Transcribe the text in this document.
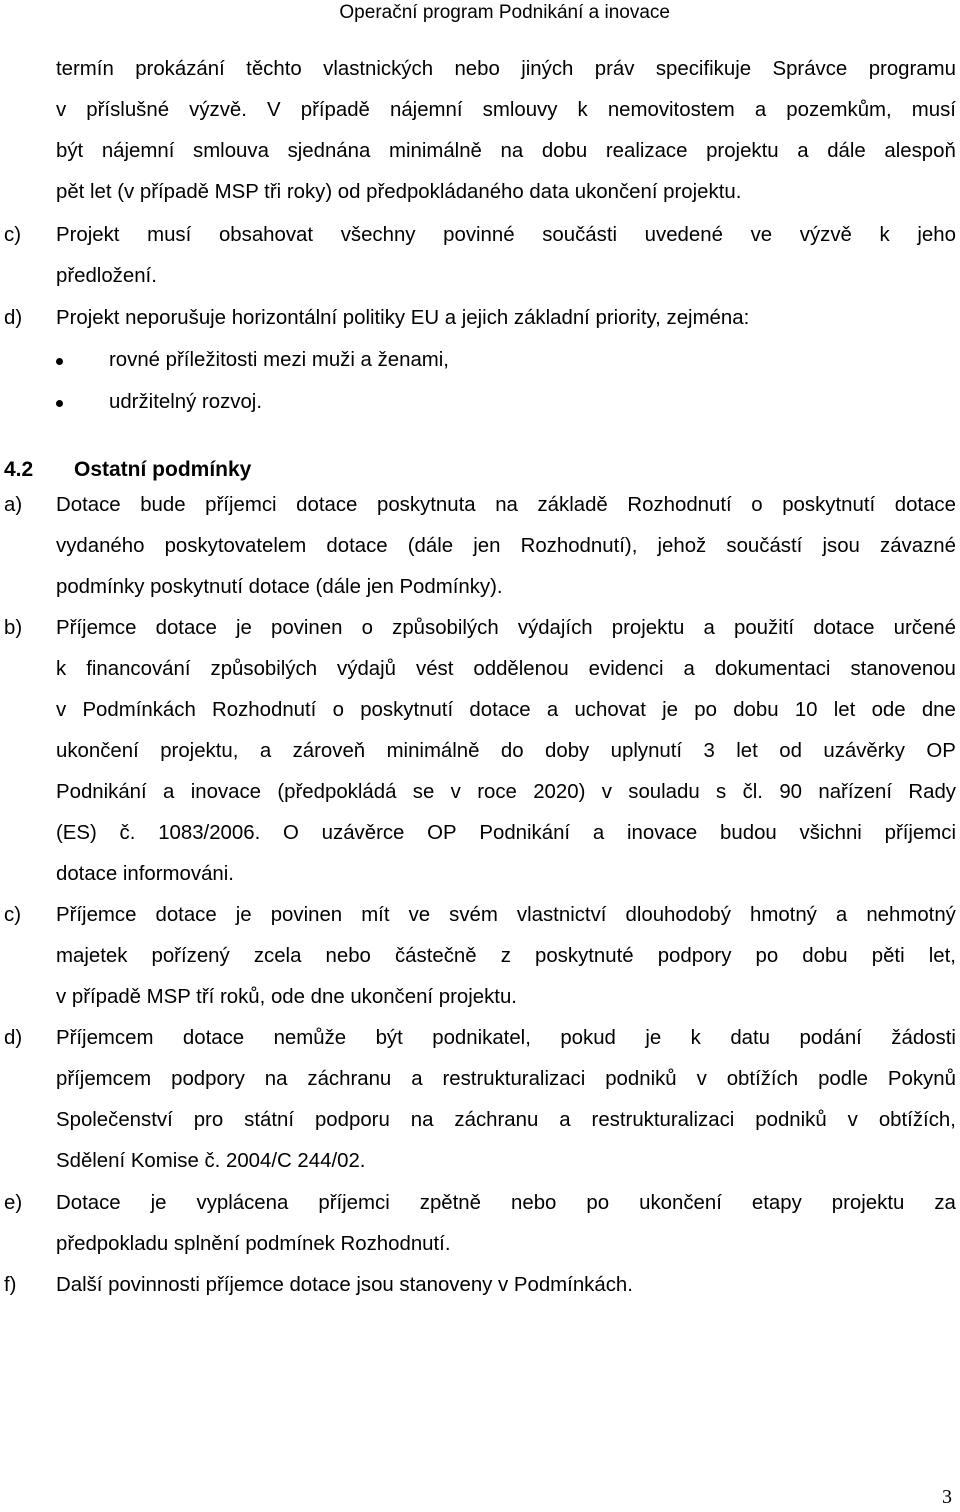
Operační program Podnikání a inovace
termín prokázání těchto vlastnických nebo jiných práv specifikuje Správce programu
v příslušné výzvě. V případě nájemní smlouvy k nemovitostem a pozemkům, musí
být nájemní smlouva sjednána minimálně na dobu realizace projektu a dále alespoň
pět let (v případě MSP tři roky) od předpokládaného data ukončení projektu.
c) Projekt musí obsahovat všechny povinné součásti uvedené ve výzvě k jeho
předložení.
d) Projekt neporušuje horizontální politiky EU a jejich základní priority, zejména:
rovné příležitosti mezi muži a ženami,
udržitelný rozvoj.
4.2 Ostatní podmínky
a) Dotace bude příjemci dotace poskytnuta na základě Rozhodnutí o poskytnutí dotace
vydaného poskytovatelem dotace (dále jen Rozhodnutí), jehož součástí jsou závazné
podmínky poskytnutí dotace (dále jen Podmínky).
b) Příjemce dotace je povinen o způsobilých výdajích projektu a použití dotace určené
k financování způsobilých výdajů vést oddělenou evidenci a dokumentaci stanovenou
v Podmínkách Rozhodnutí o poskytnutí dotace a uchovat je po dobu 10 let ode dne
ukončení projektu, a zároveň minimálně do doby uplynutí 3 let od uzávěrky OP
Podnikání a inovace (předpokládá se v roce 2020) v souladu s čl. 90 nařízení Rady
(ES) č. 1083/2006. O uzávěrce OP Podnikání a inovace budou všichni příjemci
dotace informováni.
c) Příjemce dotace je povinen mít ve svém vlastnictví dlouhodobý hmotný a nehmotný
majetek pořízený zcela nebo částečně z poskytnuté podpory po dobu pěti let,
v případě MSP tří roků, ode dne ukončení projektu.
d) Příjemcem dotace nemůže být podnikatel, pokud je k datu podání žádosti
příjemcem podpory na záchranu a restrukturalizaci podniků v obtížích podle Pokynů
Společenství pro státní podporu na záchranu a restrukturalizaci podniků v obtížích,
Sdělení Komise č. 2004/C 244/02.
e) Dotace je vyplácena příjemci zpětně nebo po ukončení etapy projektu za
předpokladu splnění podmínek Rozhodnutí.
f) Další povinnosti příjemce dotace jsou stanoveny v Podmínkách.
3
